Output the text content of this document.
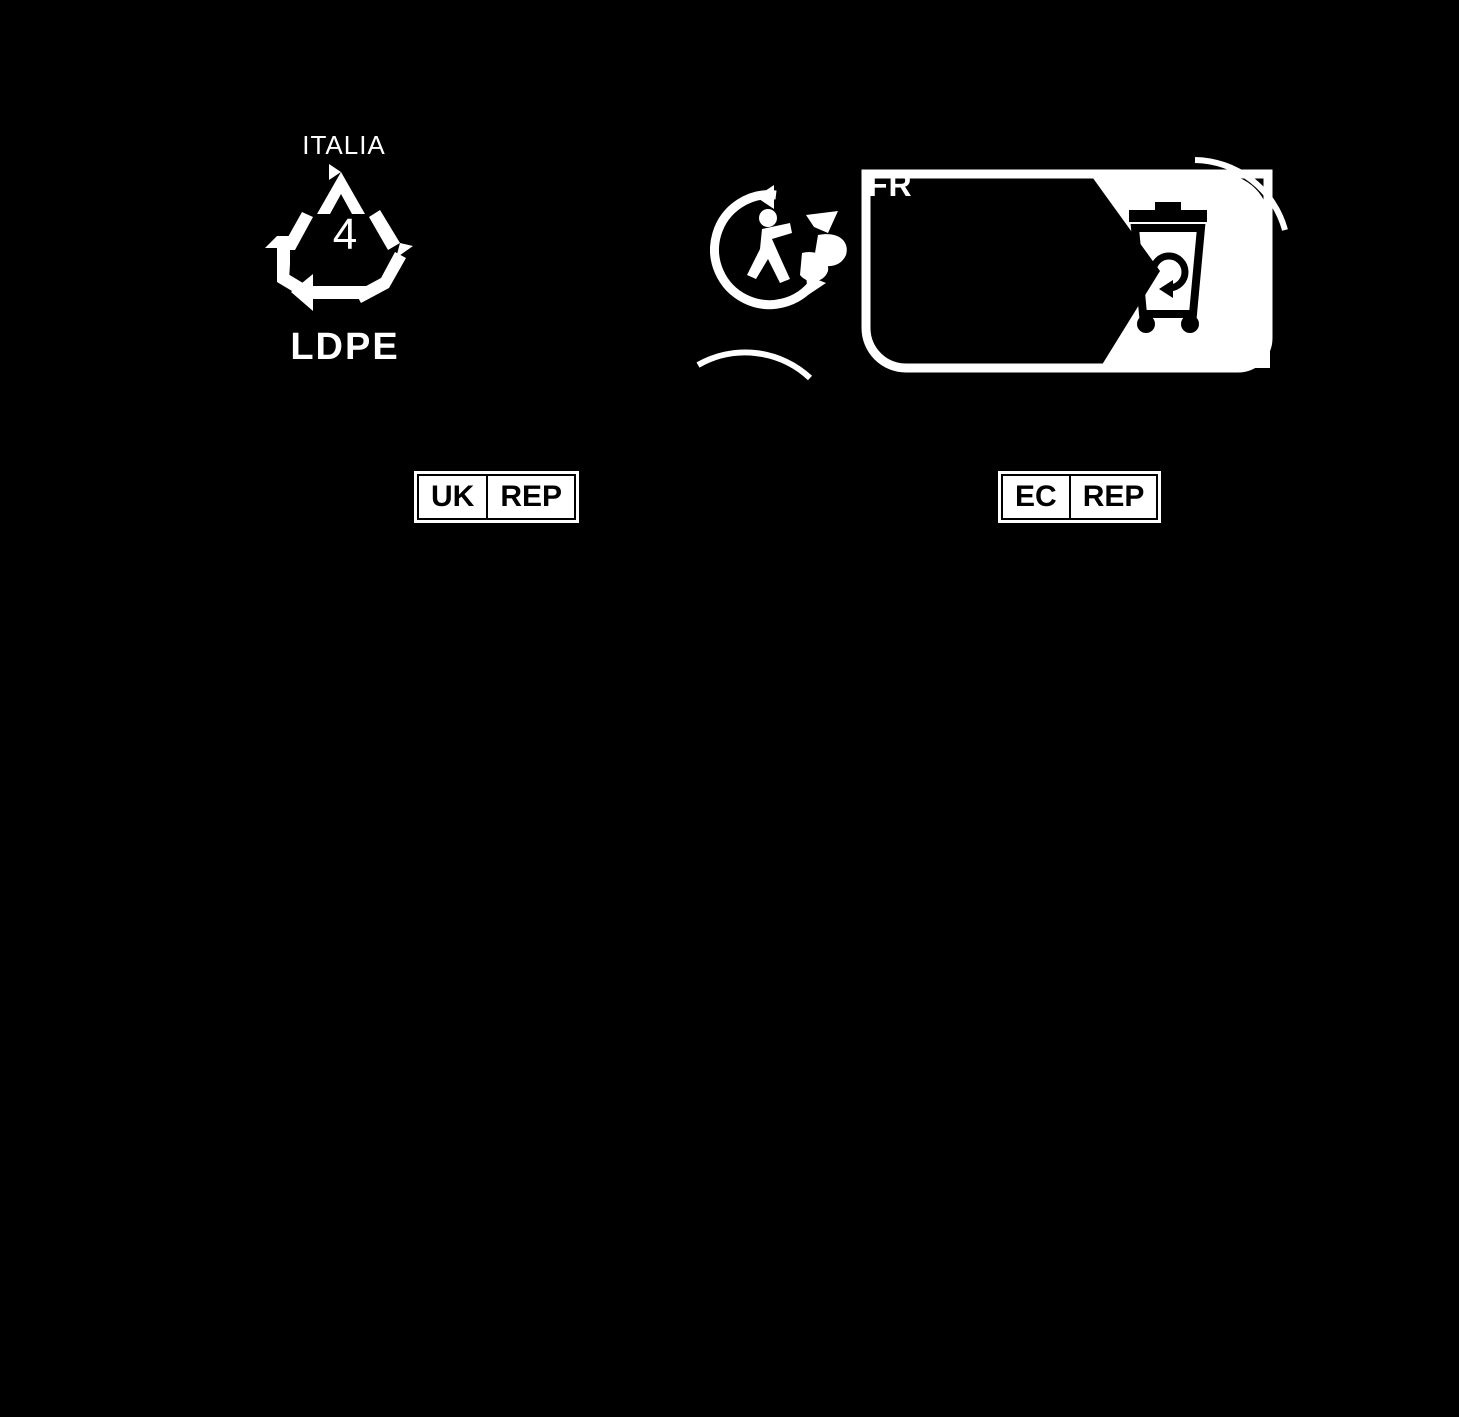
ITALIA
4
LDPE
FR
UK REP	EC REP
